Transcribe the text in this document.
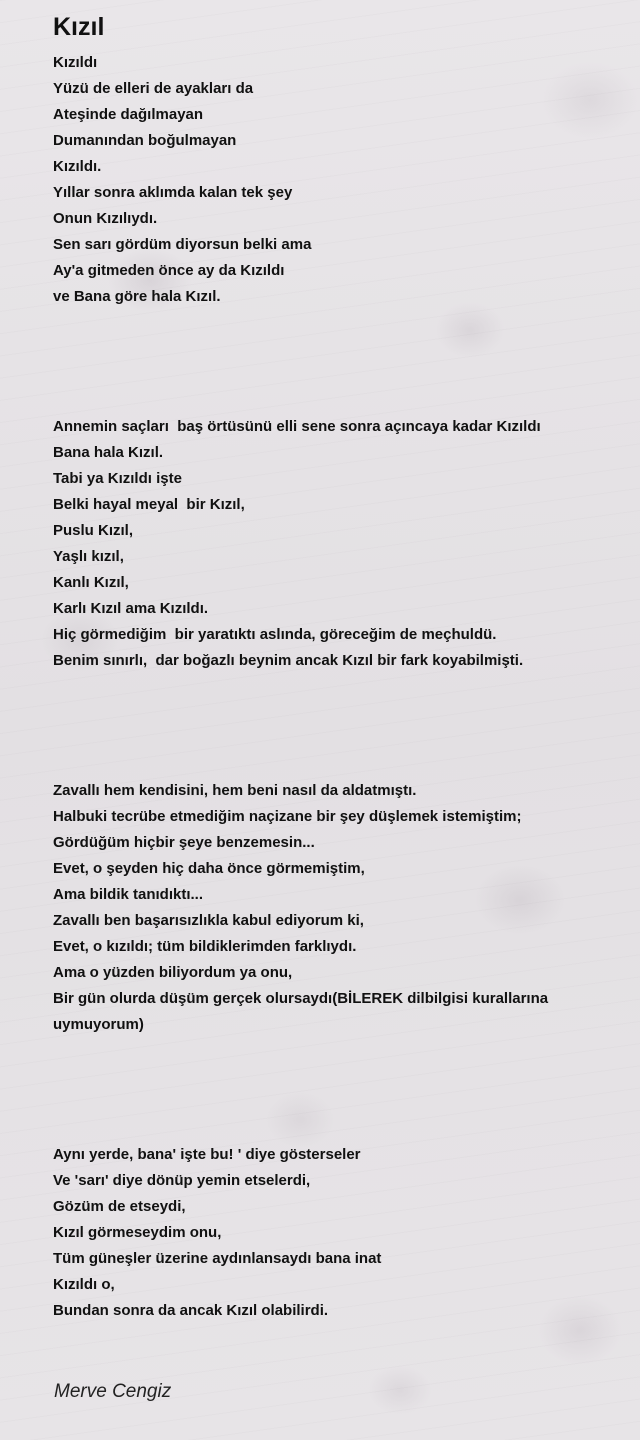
Kızıl
Kızıldı
Yüzü de elleri de ayakları da
Ateşinde dağılmayan
Dumanından boğulmayan
Kızıldı.
Yıllar sonra aklımda kalan tek şey
Onun Kızılıydı.
Sen sarı gördüm diyorsun belki ama
Ay'a gitmeden önce ay da Kızıldı
ve Bana göre hala Kızıl.
Annemin saçları  baş örtüsünü elli sene sonra açıncaya kadar Kızıldı
Bana hala Kızıl.
Tabi ya Kızıldı işte
Belki hayal meyal  bir Kızıl,
Puslu Kızıl,
Yaşlı kızıl,
Kanlı Kızıl,
Karlı Kızıl ama Kızıldı.
Hiç görmediğim  bir yaratıktı aslında, göreceğim de meçhuldü.
Benim sınırlı,  dar boğazlı beynim ancak Kızıl bir fark koyabilmişti.
Zavallı hem kendisini, hem beni nasıl da aldatmıştı.
Halbuki tecrübe etmediğim naçizane bir şey düşlemek istemiştim;
Gördüğüm hiçbir şeye benzemesin...
Evet, o şeyden hiç daha önce görmemiştim,
Ama bildik tanıdıktı...
Zavallı ben başarısızlıkla kabul ediyorum ki,
Evet, o kızıldı; tüm bildiklerimden farklıydı.
Ama o yüzden biliyordum ya onu,
Bir gün olurda düşüm gerçek olursaydı(BİLEREK dilbilgisi kurallarına
uymuyorum)
Aynı yerde, bana' işte bu! ' diye gösterseler
Ve 'sarı' diye dönüp yemin etselerdi,
Gözüm de etseydi,
Kızıl görmeseydim onu,
Tüm güneşler üzerine aydınlansaydı bana inat
Kızıldı o,
Bundan sonra da ancak Kızıl olabilirdi.
Merve Cengiz
